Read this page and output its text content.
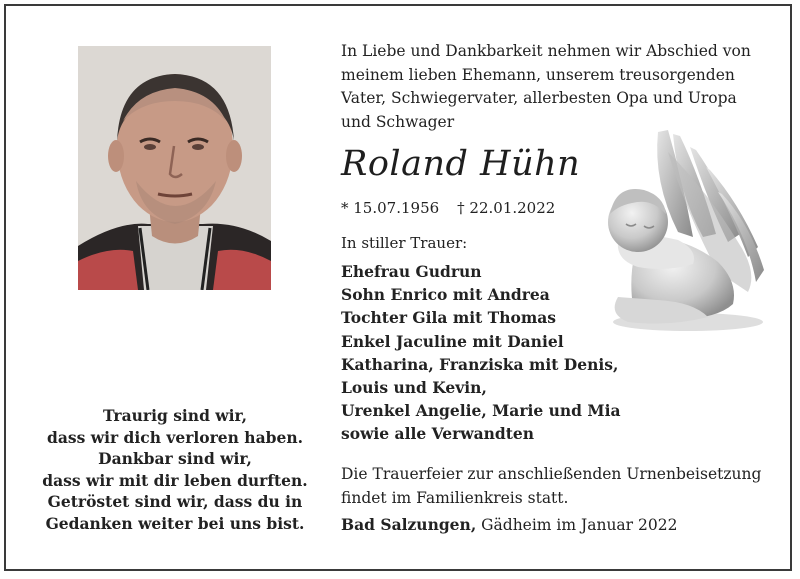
Traurig sind wir,
dass wir dich verloren haben.
Dankbar sind wir,
dass wir mit dir leben durften.
Getröstet sind wir, dass du in
Gedanken weiter bei uns bist.
In Liebe und Dankbarkeit nehmen wir Abschied von
meinem lieben Ehemann, unserem treusorgenden
Vater, Schwiegervater, allerbesten Opa und Uropa
und Schwager
Roland Hühn
* 15.07.1956 † 22.01.2022
In stiller Trauer:
Ehefrau Gudrun
Sohn Enrico mit Andrea
Tochter Gila mit Thomas
Enkel Jaculine mit Daniel
Katharina, Franziska mit Denis,
Louis und Kevin,
Urenkel Angelie, Marie und Mia
sowie alle Verwandten
Die Trauerfeier zur anschließenden Urnenbeisetzung
findet im Familienkreis statt.
Bad Salzungen, Gädheim im Januar 2022
